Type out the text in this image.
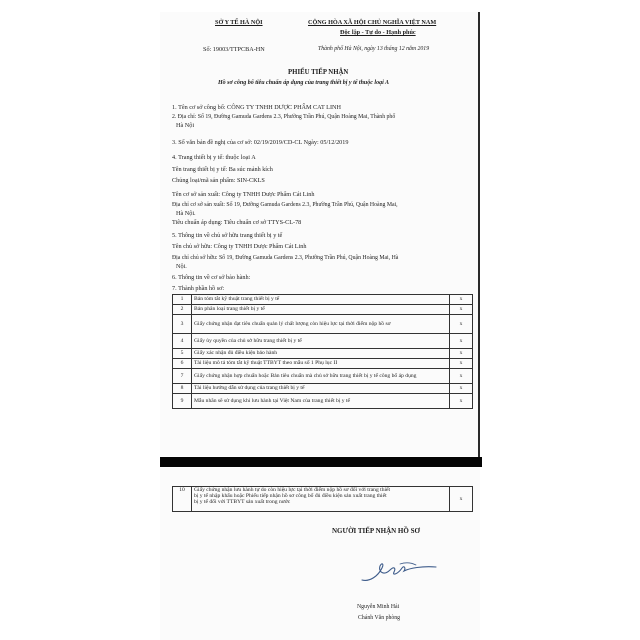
SỞ Y TẾ HÀ NỘI	CỘNG HÒA XÃ HỘI CHỦ NGHĨA VIỆT NAM
Độc lập - Tự do - Hạnh phúc
Số: 19003/TTPCBA-HN	Thành phố Hà Nội, ngày 13 tháng 12 năm 2019
PHIẾU TIẾP NHẬN
Hồ sơ công bố tiêu chuẩn áp dụng của trang thiết bị y tế thuộc loại A
1. Tên cơ sở công bố: CÔNG TY TNHH DƯỢC PHẨM CAT LINH
2. Địa chỉ: Số 19, Đường Gamuda Gardens 2.3, Phường Trần Phú, Quận Hoàng Mai, Thành phố
Hà Nội
3. Số văn bản đề nghị của cơ sở: 02/19/2019/CD-CL Ngày: 05/12/2019
4. Trang thiết bị y tế: thuộc loại A
Tên trang thiết bị y tế: Ba súc mảnh kích
Chủng loại/mã sản phẩm: SIN-CKLS
Tên cơ sở sản xuất: Công ty TNHH Dược Phẩm Cát Linh
Địa chỉ cơ sở sản xuất: Số 19, Đường Gamuda Gardens 2.3, Phường Trần Phú, Quận Hoàng Mai,
Hà Nội.
Tiêu chuẩn áp dụng: Tiêu chuẩn cơ sở TTYS-CL-78
5. Thông tin về chủ sở hữu trang thiết bị y tế
Tên chủ sở hữu: Công ty TNHH Dược Phẩm Cát Linh
Địa chỉ chủ sở hữu: Số 19, Đường Gamuda Gardens 2.3, Phường Trần Phú, Quận Hoàng Mai, Hà
Nội.
6. Thông tin về cơ sở bảo hành:
7. Thành phần hồ sơ:
1	Bản tóm tắt kỹ thuật trang thiết bị y tế	x
2	Bản phân loại trang thiết bị y tế	x
3	Giấy chứng nhận đạt tiêu chuẩn quản lý chất lượng còn hiệu lực tại thời điểm nộp hồ sơ	x
4	Giấy ủy quyền của chủ sở hữu trang thiết bị y tế	x
5	Giấy xác nhận đủ điều kiện bảo hành	x
6	Tài liệu mô tả tóm tắt kỹ thuật TTBYT theo mẫu số 1 Phụ lục II	x
7	Giấy chứng nhận hợp chuẩn hoặc Bản tiêu chuẩn mà chủ sở hữu trang thiết bị y tế công bố áp dụng	x
8	Tài liệu hướng dẫn sử dụng của trang thiết bị y tế	x
9	Mẫu nhãn sẽ sử dụng khi lưu hành tại Việt Nam của trang thiết bị y tế	x
10	Giấy chứng nhận lưu hành tự do còn hiệu lực tại thời điểm nộp hồ sơ đối với trang thiết
bị y tế nhập khẩu hoặc Phiếu tiếp nhận hồ sơ công bố đủ điều kiện sản xuất trang thiết
bị y tế đối với TTBYT sản xuất trong nước
	x
NGƯỜI TIẾP NHẬN HỒ SƠ
Nguyễn Minh Hải
Chánh Văn phòng
